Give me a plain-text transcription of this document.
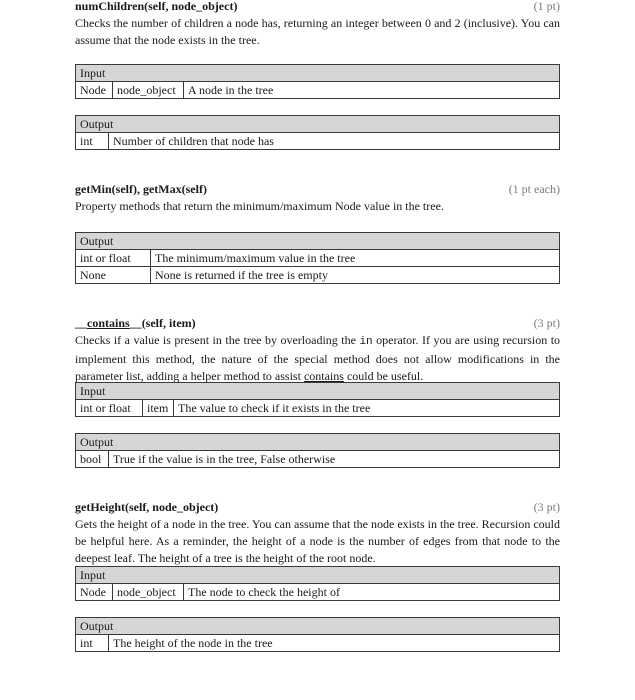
numChildren(self, node_object)	(1 pt)
Checks the number of children a node has, returning an integer between 0 and 2 (inclusive). You can assume that the node exists in the tree.
Input
Node	node_object	A node in the tree
Output
int	Number of children that node has
getMin(self), getMax(self)	(1 pt each)
Property methods that return the minimum/maximum Node value in the tree.
Output	
int or float	The minimum/maximum value in the tree
None	None is returned if the tree is empty
__contains__(self, item)	(3 pt)
Checks if a value is present in the tree by overloading the in operator. If you are using recursion to implement this method, the nature of the special method does not allow modifications in the parameter list, adding a helper method to assist contains could be useful.
Input
int or float	item	The value to check if it exists in the tree
Output
bool	True if the value is in the tree, False otherwise
getHeight(self, node_object)	(3 pt)
Gets the height of a node in the tree. You can assume that the node exists in the tree. Recursion could be helpful here. As a reminder, the height of a node is the number of edges from that node to the deepest leaf. The height of a tree is the height of the root node.
Input
Node	node_object	The node to check the height of
Output
int	The height of the node in the tree
